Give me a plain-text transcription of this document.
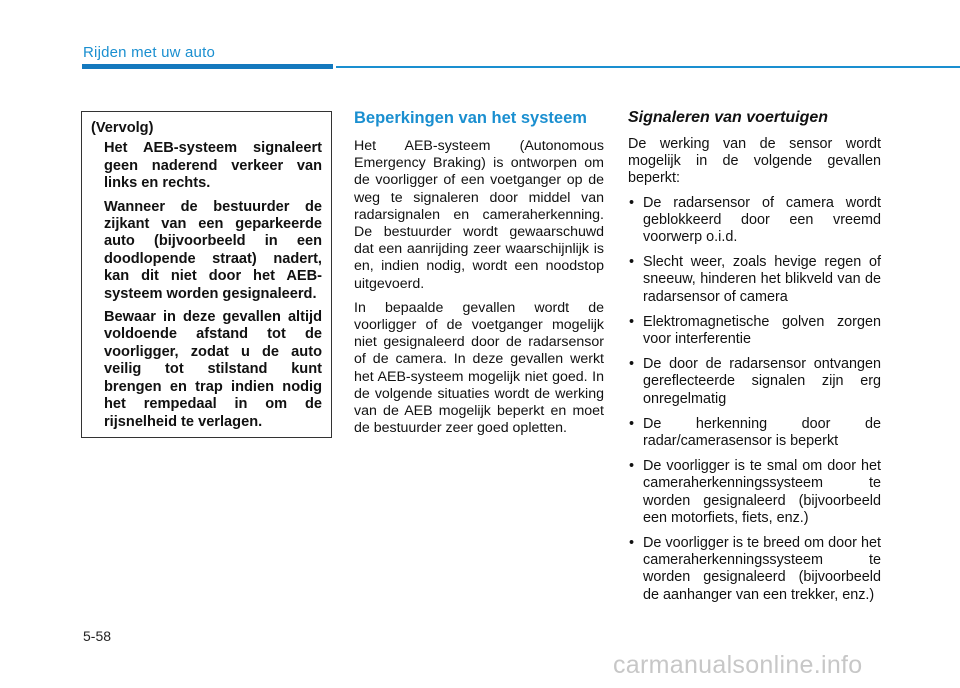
Rijden met uw auto
(Vervolg)

Het AEB-systeem signaleert geen naderend verkeer van links en rechts.

Wanneer de bestuurder de zijkant van een geparkeerde auto (bijvoorbeeld in een doodlopende straat) nadert, kan dit niet door het AEB-systeem worden gesignaleerd.

Bewaar in deze gevallen altijd voldoende afstand tot de voorligger, zodat u de auto veilig tot stilstand kunt brengen en trap indien nodig het rempedaal in om de rijsnelheid te verlagen.

Beperkingen van het systeem

Het AEB-systeem (Autonomous Emergency Braking) is ontworpen om de voorligger of een voetganger op de weg te signaleren door middel van radarsignalen en cameraherkenning. De bestuurder wordt gewaarschuwd dat een aanrijding zeer waarschijnlijk is en, indien nodig, wordt een noodstop uitgevoerd.

In bepaalde gevallen wordt de voorligger of de voetganger mogelijk niet gesignaleerd door de radarsensor of de camera. In deze gevallen werkt het AEB-systeem mogelijk niet goed. In de volgende situaties wordt de werking van de AEB mogelijk beperkt en moet de bestuurder zeer goed opletten.

Signaleren van voertuigen

De werking van de sensor wordt mogelijk in de volgende gevallen beperkt:

• De radarsensor of camera wordt geblokkeerd door een vreemd voorwerp o.i.d.
• Slecht weer, zoals hevige regen of sneeuw, hinderen het blikveld van de radarsensor of camera
• Elektromagnetische golven zorgen voor interferentie
• De door de radarsensor ontvangen gereflecteerde signalen zijn erg onregelmatig
• De herkenning door de radar/camerasensor is beperkt
• De voorligger is te smal om door het cameraherkenningssysteem te worden gesignaleerd (bijvoorbeeld een motorfiets, fiets, enz.)
• De voorligger is te breed om door het cameraherkenningssysteem te worden gesignaleerd (bijvoorbeeld de aanhanger van een trekker, enz.)
5-58
carmanualsonline.info
